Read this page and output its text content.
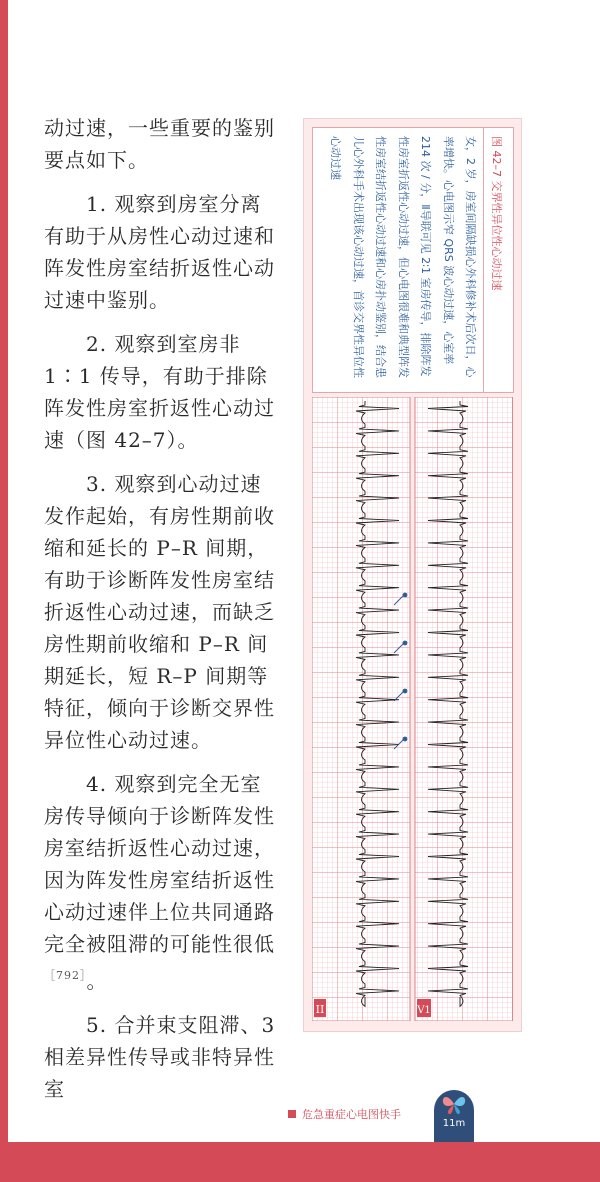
动过速，一些重要的鉴别要点如下。

1. 观察到房室分离有助于从房性心动过速和阵发性房室结折返性心动过速中鉴别。

2. 观察到室房非 1∶1 传导，有助于排除阵发性房室折返性心动过速（图 42–7）。

3. 观察到心动过速发作起始，有房性期前收缩和延长的 P–R 间期，有助于诊断阵发性房室结折返性心动过速，而缺乏房性期前收缩和 P–R 间期延长，短 R–P 间期等特征，倾向于诊断交界性异位性心动过速。

4. 观察到完全无室房传导倾向于诊断阵发性房室结折返性心动过速，因为阵发性房室结折返性心动过速伴上位共同通路完全被阻滞的可能性很低$^{[792]}$。

5. 合并束支阻滞、3 相差异性传导或非特异性室

图 42–7 交界性异位性心动过速
女，2 岁，房室间隔缺损心外科修补术后次日，心率增快。心电图示窄 QRS 波心动过速，心室率 214 次 / 分，Ⅱ导联可见 2∶1 室房传导，排除阵发性房室折返性心动过速，但心电图很难和典型阵发性房室结折返性心动过速和心房扑动鉴别，结合患儿心外科手术出现该心动过速，首诊交界性异位性心动过速
II	V1
危急重症心电图快手
11m
